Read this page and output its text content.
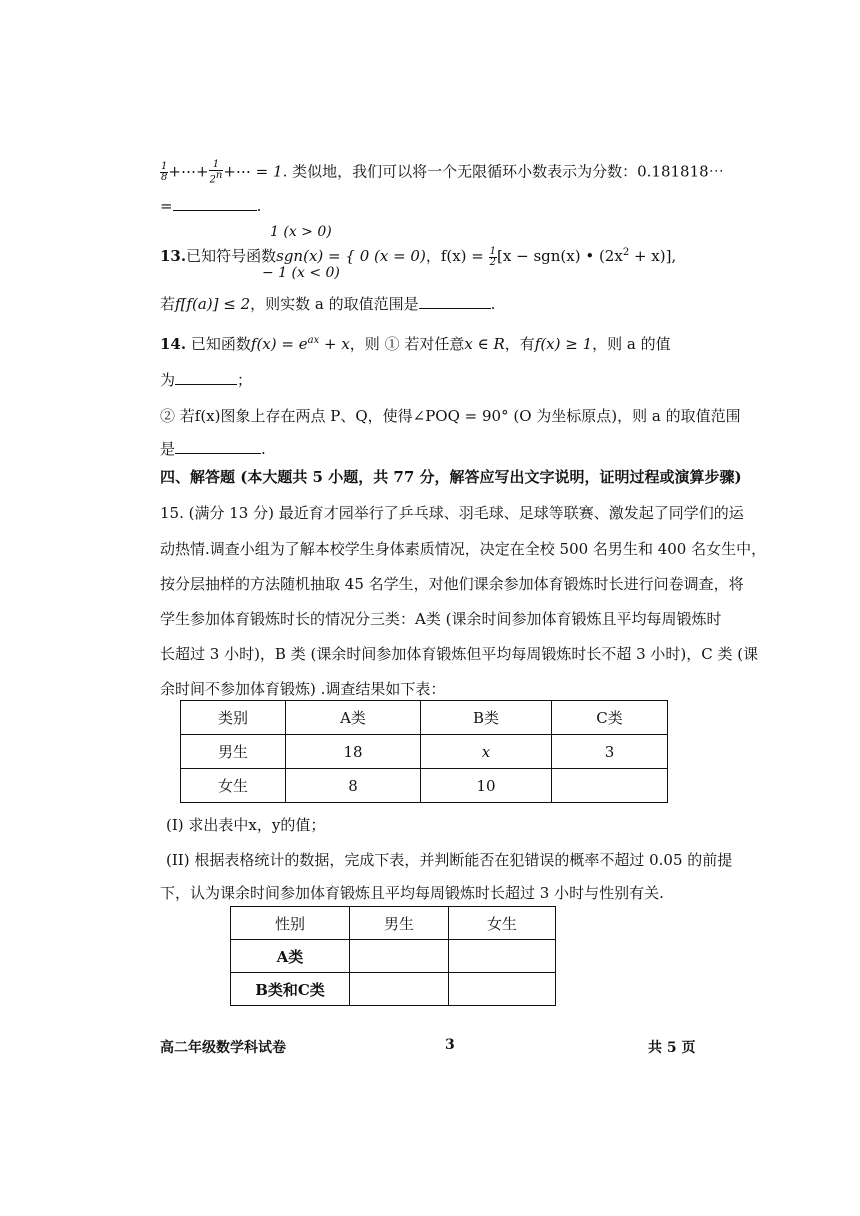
$\frac{1}{8}$ +⋯+ $\frac{1}{2^n}$ +⋯ = 1. 类似地，我们可以将一个无限循环小数表示为分数：0.181818⋯
=	.
1 (x > 0)
13.已知符号函数sgn(x) = { 0 (x = 0)，$f(x) = \frac{1}{2} [x - sgn(x)$ • $(2x^2 + x)$],
− 1 (x < 0)
若f[f(a)] ≤ 2，则实数 a 的取值范围是	.
14. 已知函数$f(x) = e^{ax} + x$，则 ① 若对任意x ∈ R，有f(x) ≥ 1，则 a 的值
为	；
② 若f(x)图象上存在两点 P、Q，使得∠POQ = 90° (O 为坐标原点)，则 a 的取值范围
是	.
四、解答题 (本大题共 5 小题，共 77 分，解答应写出文字说明，证明过程或演算步骤)
15. (满分 13 分) 最近育才园举行了乒乓球、羽毛球、足球等联赛、激发起了同学们的运
动热情.调查小组为了解本校学生身体素质情况，决定在全校 500 名男生和 400 名女生中，
按分层抽样的方法随机抽取 45 名学生，对他们课余参加体育锻炼时长进行问卷调查，将
学生参加体育锻炼时长的情况分三类：A类 (课余时间参加体育锻炼且平均每周锻炼时
长超过 3 小时)，B 类 (课余时间参加体育锻炼但平均每周锻炼时长不超 3 小时)，C 类 (课
余时间不参加体育锻炼) .调查结果如下表：
类别	A类	B类	C类
男生	18	x	3
女生	8	10	
(I) 求出表中x，y的值；
(II) 根据表格统计的数据，完成下表，并判断能否在犯错误的概率不超过 0.05 的前提
下，认为课余时间参加体育锻炼且平均每周锻炼时长超过 3 小时与性别有关.
性别	男生	女生
A类		
B类和C类		
高二年级数学科试卷	3	共 5 页
